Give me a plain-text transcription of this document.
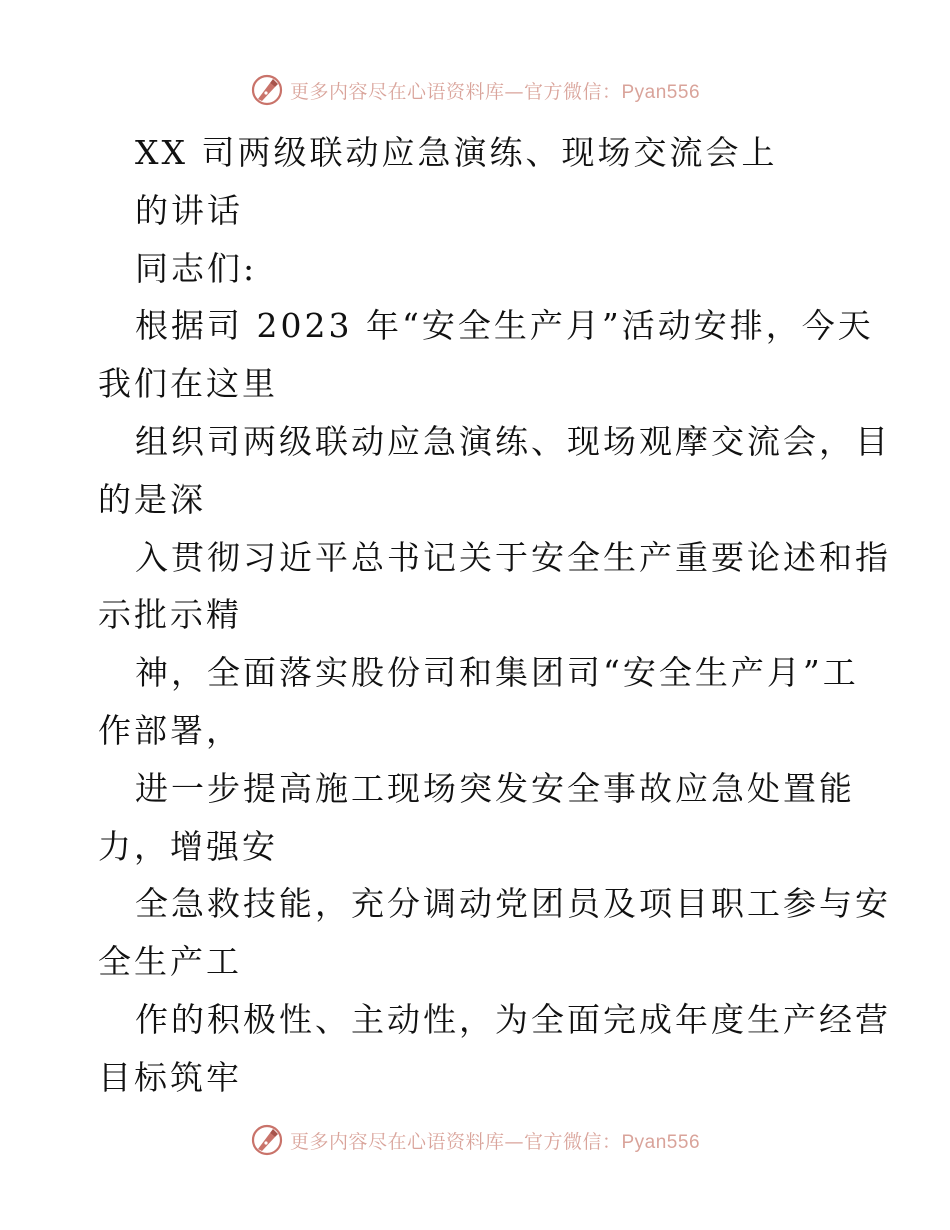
更多内容尽在心语资料库—官方微信：Pyan556
XX 司两级联动应急演练、现场交流会上
的讲话
同志们:
根据司 2023 年“安全生产月”活动安排，今天
我们在这里
组织司两级联动应急演练、现场观摩交流会，目
的是深
入贯彻习近平总书记关于安全生产重要论述和指
示批示精
神，全面落实股份司和集团司“安全生产月”工
作部署，
进一步提高施工现场突发安全事故应急处置能
力，增强安
全急救技能，充分调动党团员及项目职工参与安
全生产工
作的积极性、主动性，为全面完成年度生产经营
目标筑牢
更多内容尽在心语资料库—官方微信：Pyan556
